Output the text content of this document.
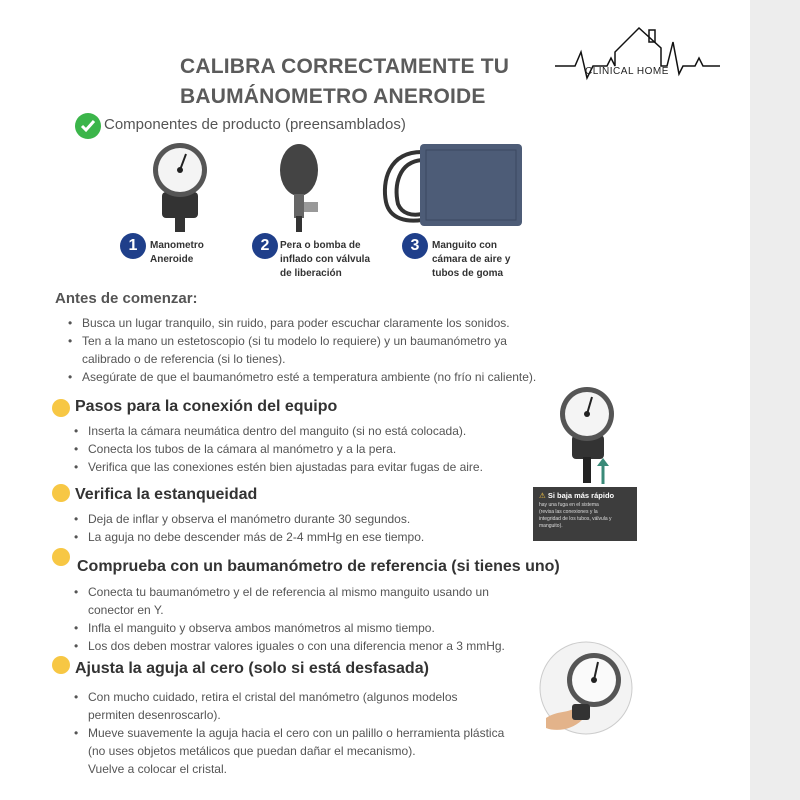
CALIBRA CORRECTAMENTE TU
BAUMÁNOMETRO ANEROIDE
CLINICAL HOME
Componentes de producto (preensamblados)
1	Manometro
Aneroide
2	Pera o bomba de
inflado con válvula
de liberación
3	Manguito con
cámara de aire y
tubos de goma
Antes de comenzar:
• Busca un lugar tranquilo, sin ruido, para poder escuchar claramente los sonidos.
• Ten a la mano un estetoscopio (si tu modelo lo requiere) y un baumanómetro ya
calibrado o de referencia (si lo tienes).
• Asegúrate de que el baumanómetro esté a temperatura ambiente (no frío ni caliente).
Pasos para la conexión del equipo
• Inserta la cámara neumática dentro del manguito (si no está colocada).
• Conecta los tubos de la cámara al manómetro y a la pera.
• Verifica que las conexiones estén bien ajustadas para evitar fugas de aire.
⚠ Si baja más rápido
hay una fuga en el sistema
(revisa las conexiones y la
integridad de los tubos, válvula y
manguito).
Verifica la estanqueidad
• Deja de inflar y observa el manómetro durante 30 segundos.
• La aguja no debe descender más de 2-4 mmHg en ese tiempo.
Comprueba con un baumanómetro de referencia (si tienes uno)
• Conecta tu baumanómetro y el de referencia al mismo manguito usando un
conector en Y.
• Infla el manguito y observa ambos manómetros al mismo tiempo.
• Los dos deben mostrar valores iguales o con una diferencia menor a 3 mmHg.
Ajusta la aguja al cero (solo si está desfasada)
• Con mucho cuidado, retira el cristal del manómetro (algunos modelos
permiten desenroscarlo).
• Mueve suavemente la aguja hacia el cero con un palillo o herramienta plástica
(no uses objetos metálicos que puedan dañar el mecanismo).
Vuelve a colocar el cristal.
